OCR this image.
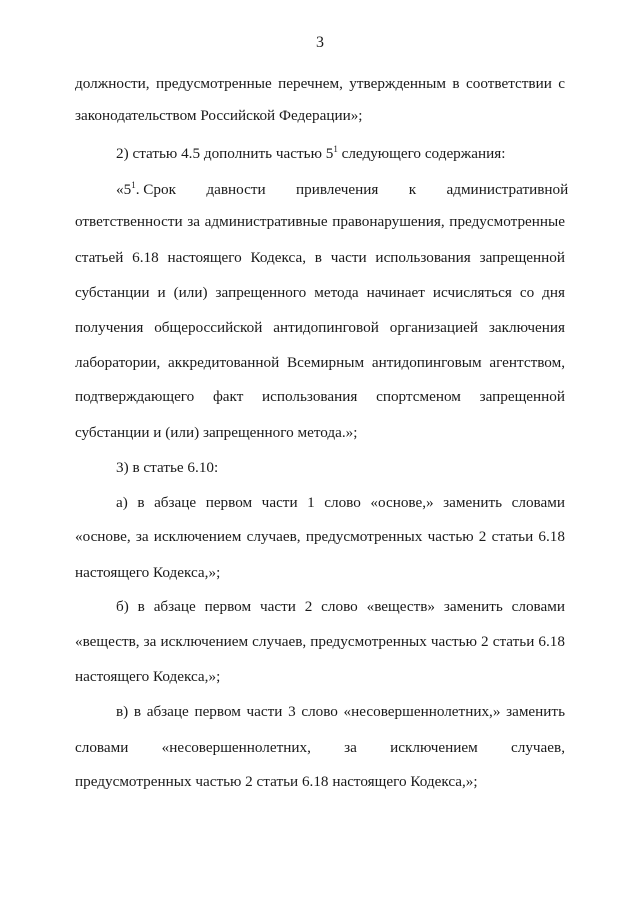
3
должности, предусмотренные перечнем, утвержденным в соответствии с
законодательством Российской Федерации»;
2) статью 4.5 дополнить частью $5^1$ следующего содержания:
«$5^1$. Срок        давности        привлечения        к        административной
ответственности за административные правонарушения, предусмотренные
статьей 6.18 настоящего Кодекса, в части использования запрещенной
субстанции и (или) запрещенного метода начинает исчисляться со дня
получения общероссийской антидопинговой организацией заключения
лаборатории, аккредитованной Всемирным антидопинговым агентством,
подтверждающего факт использования спортсменом запрещенной
субстанции и (или) запрещенного метода.»;
3) в статье 6.10:
а) в абзаце первом части 1 слово «основе,» заменить словами
«основе, за исключением случаев, предусмотренных частью 2 статьи 6.18
настоящего Кодекса,»;
б) в абзаце первом части 2 слово «веществ» заменить словами
«веществ, за исключением случаев, предусмотренных частью 2 статьи 6.18
настоящего Кодекса,»;
в) в абзаце первом части 3 слово «несовершеннолетних,» заменить
словами «несовершеннолетних, за исключением случаев,
предусмотренных частью 2 статьи 6.18 настоящего Кодекса,»;
